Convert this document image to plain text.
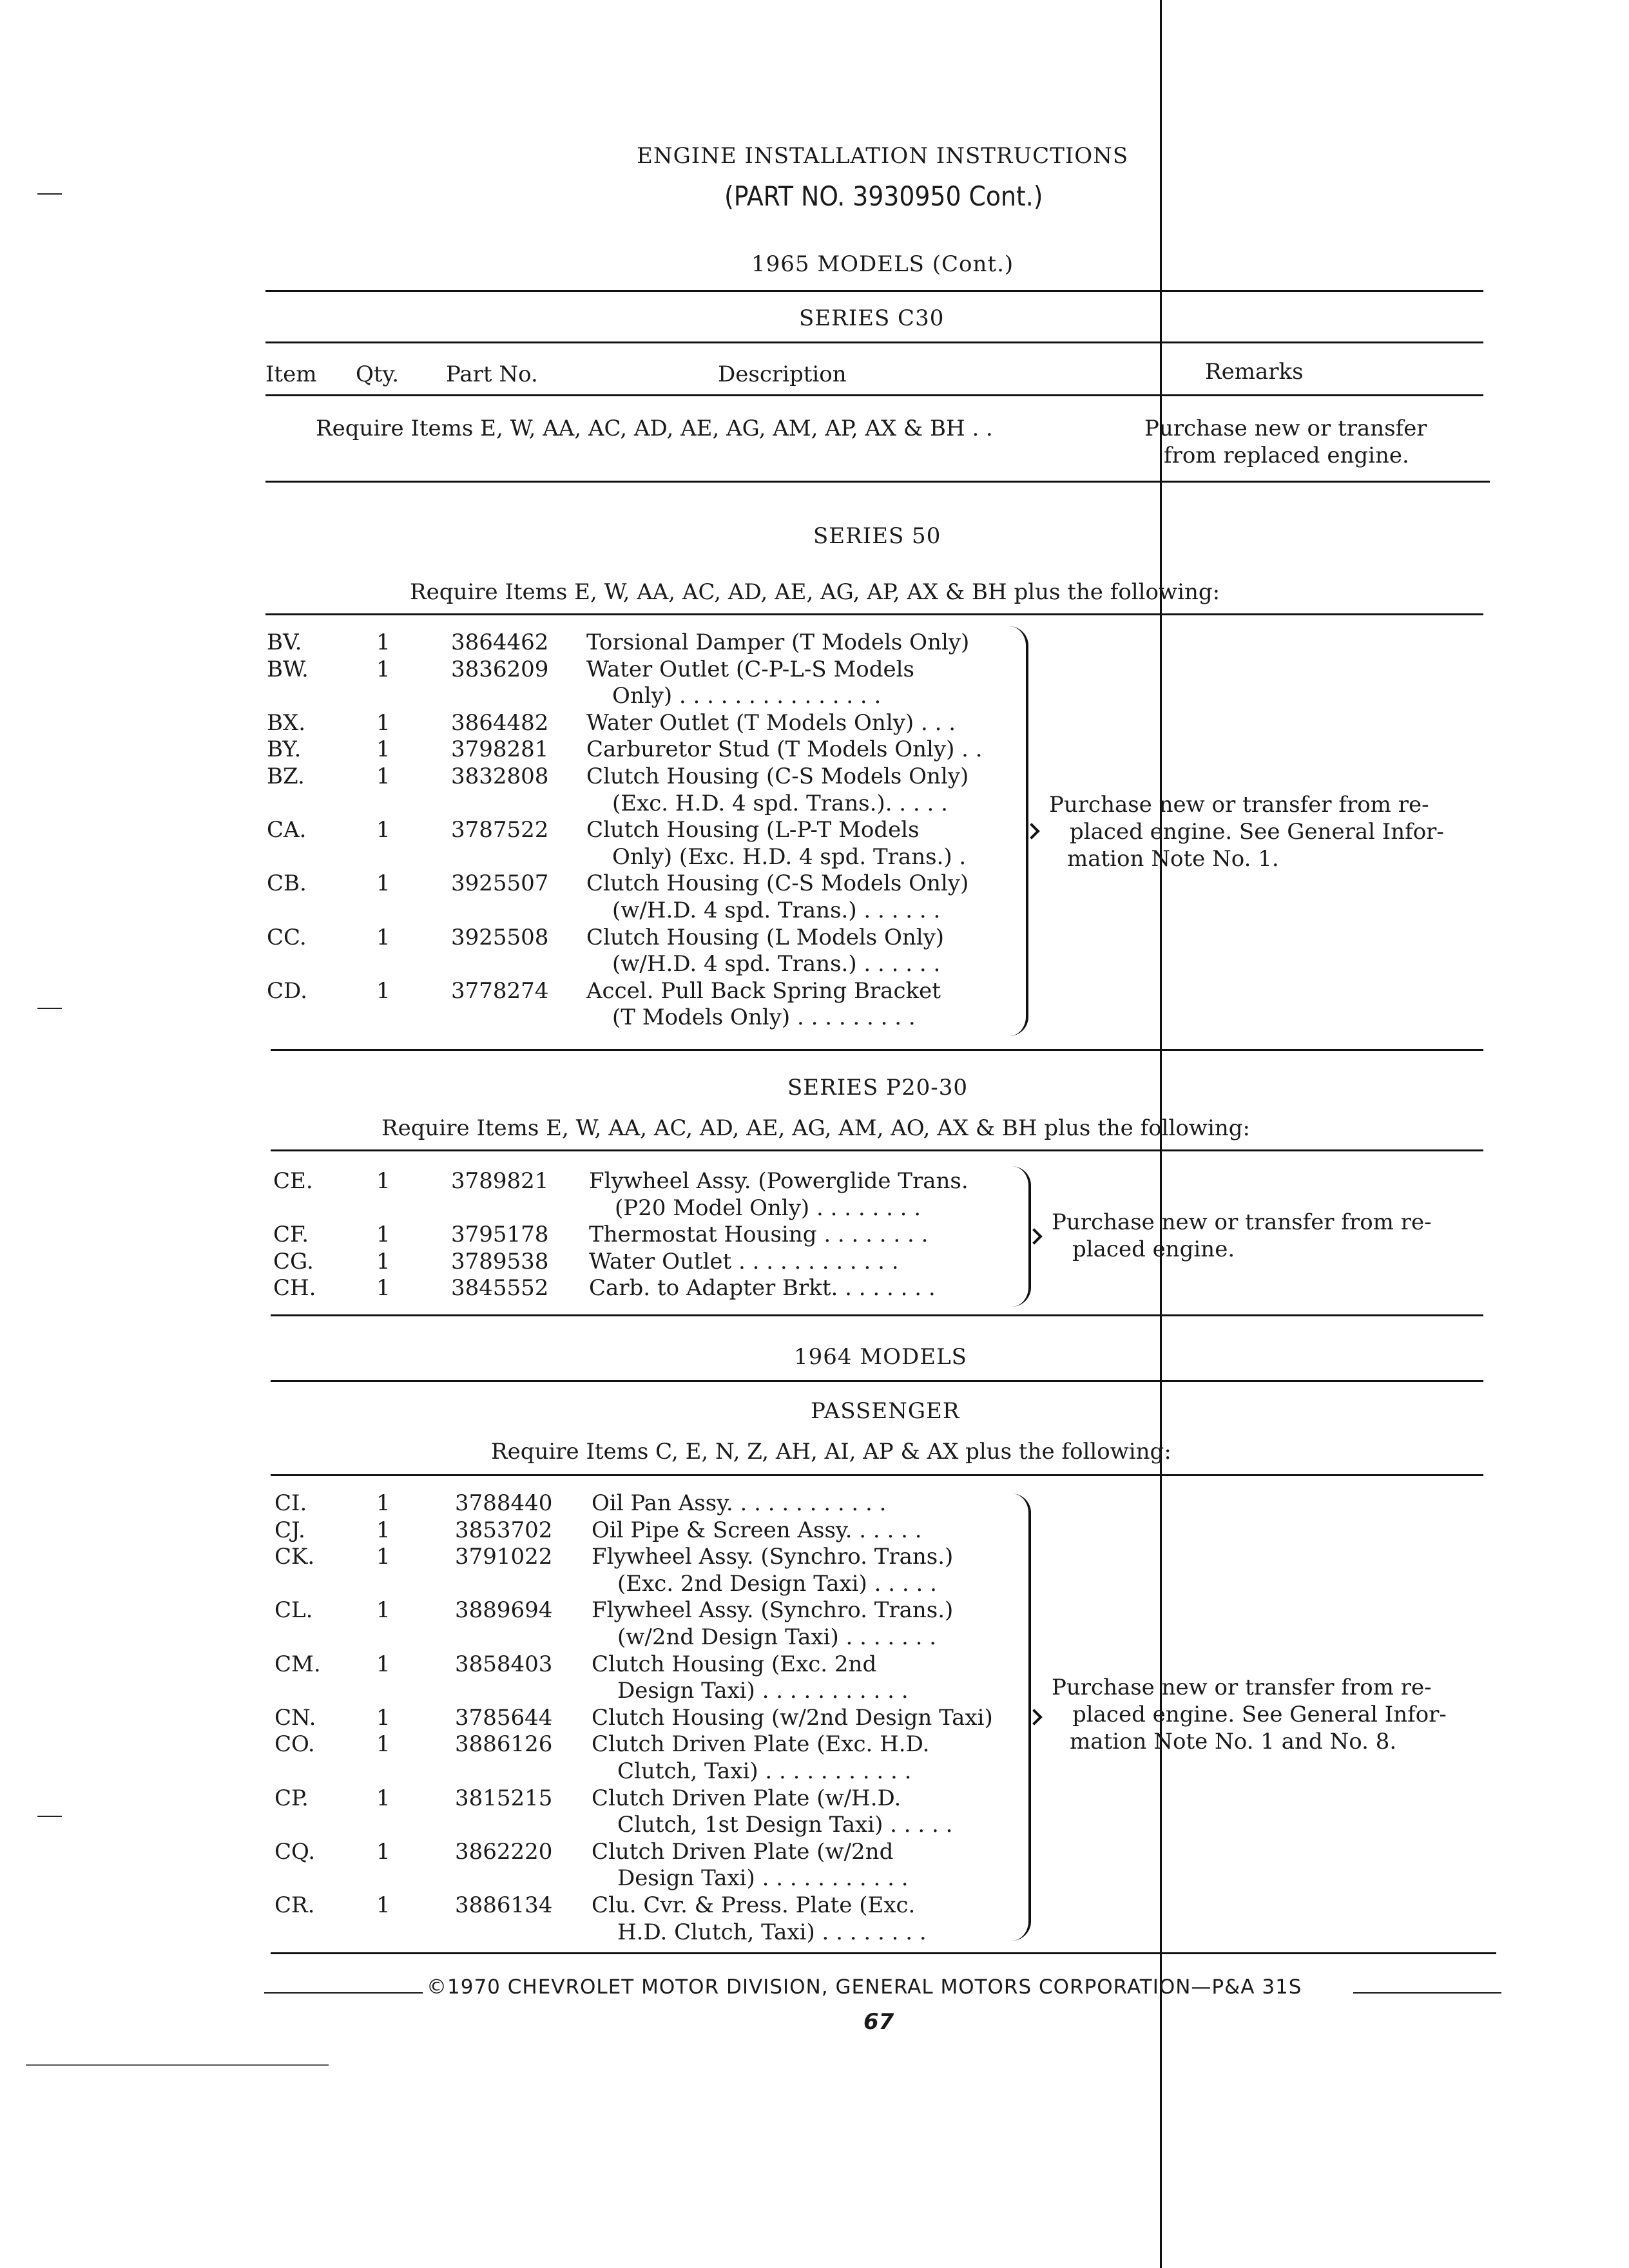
ENGINE INSTALLATION INSTRUCTIONS
(PART NO. 3930950 Cont.)
1965 MODELS (Cont.)
SERIES C30
Item Qty. Part No.	Description	Remarks
Require Items E, W, AA, AC, AD, AE, AG, AM, AP, AX & BH . .	Purchase new or transfer
from replaced engine.
SERIES 50
Require Items E, W, AA, AC, AD, AE, AG, AP, AX & BH plus the following:
BV.	1	3864462 Torsional Damper (T Models Only)
BW.	1	3836209 Water Outlet (C-P-L-S Models
Only) . . . . . . . . . . . . . . .
BX.	1	3864482 Water Outlet (T Models Only) . . .
BY.	1	3798281 Carburetor Stud (T Models Only) . .
BZ.	1	3832808 Clutch Housing (C-S Models Only)
(Exc. H.D. 4 spd. Trans.). . . . .
CA.	1	3787522 Clutch Housing (L-P-T Models
Only) (Exc. H.D. 4 spd. Trans.) .
CB.	1	3925507 Clutch Housing (C-S Models Only)
(w/H.D. 4 spd. Trans.) . . . . . .
CC.	1	3925508 Clutch Housing (L Models Only)
(w/H.D. 4 spd. Trans.) . . . . . .
CD.	1	3778274 Accel. Pull Back Spring Bracket
(T Models Only) . . . . . . . . .
Purchase new or transfer from re-
placed engine. See General Infor-
mation Note No. 1.
SERIES P20-30
Require Items E, W, AA, AC, AD, AE, AG, AM, AO, AX & BH plus the following:
CE.	1	3789821 Flywheel Assy. (Powerglide Trans.
(P20 Model Only) . . . . . . . .
CF.	1	3795178 Thermostat Housing . . . . . . . .
CG.	1	3789538 Water Outlet . . . . . . . . . . . .
CH.	1	3845552 Carb. to Adapter Brkt. . . . . . . .
Purchase new or transfer from re-
placed engine.
1964 MODELS
PASSENGER
Require Items C, E, N, Z, AH, AI, AP & AX plus the following:
CI.	1	3788440 Oil Pan Assy. . . . . . . . . . . .
CJ.	1	3853702 Oil Pipe & Screen Assy. . . . . .
CK.	1	3791022 Flywheel Assy. (Synchro. Trans.)
(Exc. 2nd Design Taxi) . . . . .
CL.	1	3889694 Flywheel Assy. (Synchro. Trans.)
(w/2nd Design Taxi) . . . . . . .
CM.	1	3858403 Clutch Housing (Exc. 2nd
Design Taxi) . . . . . . . . . . .
CN.	1	3785644 Clutch Housing (w/2nd Design Taxi)
CO.	1	3886126 Clutch Driven Plate (Exc. H.D.
Clutch, Taxi) . . . . . . . . . . .
CP.	1	3815215 Clutch Driven Plate (w/H.D.
Clutch, 1st Design Taxi) . . . . .
CQ.	1	3862220 Clutch Driven Plate (w/2nd
Design Taxi) . . . . . . . . . . .
CR.	1	3886134 Clu. Cvr. & Press. Plate (Exc.
H.D. Clutch, Taxi) . . . . . . . .
Purchase new or transfer from re-
placed engine. See General Infor-
mation Note No. 1 and No. 8.
©1970 CHEVROLET MOTOR DIVISION, GENERAL MOTORS CORPORATION—P&A 31S
67
